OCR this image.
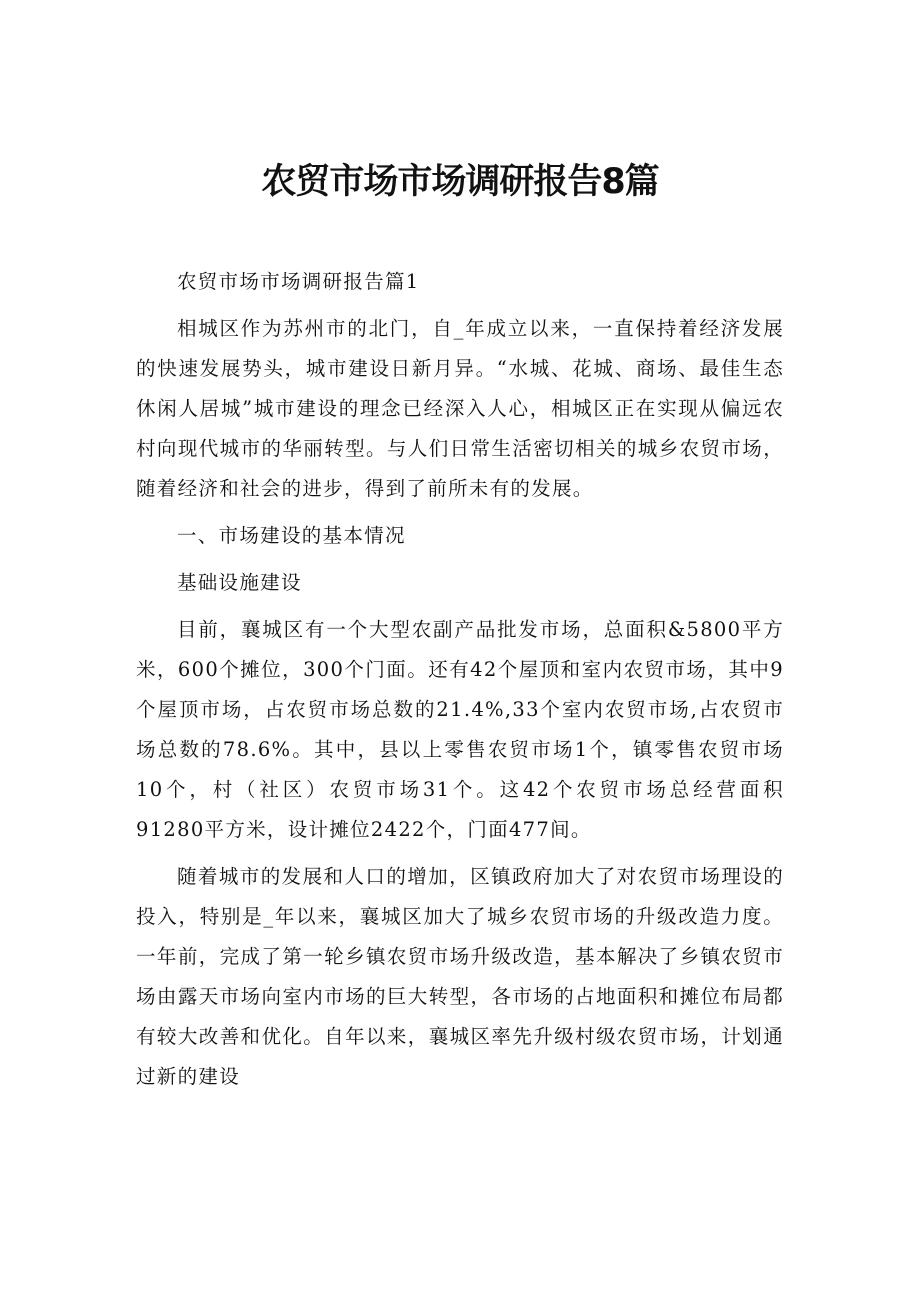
农贸市场市场调研报告8篇

农贸市场市场调研报告篇1

相城区作为苏州市的北门，自_年成立以来，一直保持着经济发展的快速发展势头，城市建设日新月异。“水城、花城、商场、最佳生态休闲人居城”城市建设的理念已经深入人心，相城区正在实现从偏远农村向现代城市的华丽转型。与人们日常生活密切相关的城乡农贸市场，随着经济和社会的进步，得到了前所未有的发展。

一、市场建设的基本情况

基础设施建设

目前，襄城区有一个大型农副产品批发市场，总面积&5800平方米，600个摊位，300个门面。还有42个屋顶和室内农贸市场，其中9个屋顶市场，占农贸市场总数的21.4%,33个室内农贸市场,占农贸市场总数的78.6%。其中，县以上零售农贸市场1个，镇零售农贸市场10个，村（社区）农贸市场31个。这42个农贸市场总经营面积91280平方米，设计摊位2422个，门面477间。

随着城市的发展和人口的增加，区镇政府加大了对农贸市场理设的投入，特别是_年以来，襄城区加大了城乡农贸市场的升级改造力度。一年前，完成了第一轮乡镇农贸市场升级改造，基本解决了乡镇农贸市场由露天市场向室内市场的巨大转型，各市场的占地面积和摊位布局都有较大改善和优化。自年以来，襄城区率先升级村级农贸市场，计划通过新的建设
